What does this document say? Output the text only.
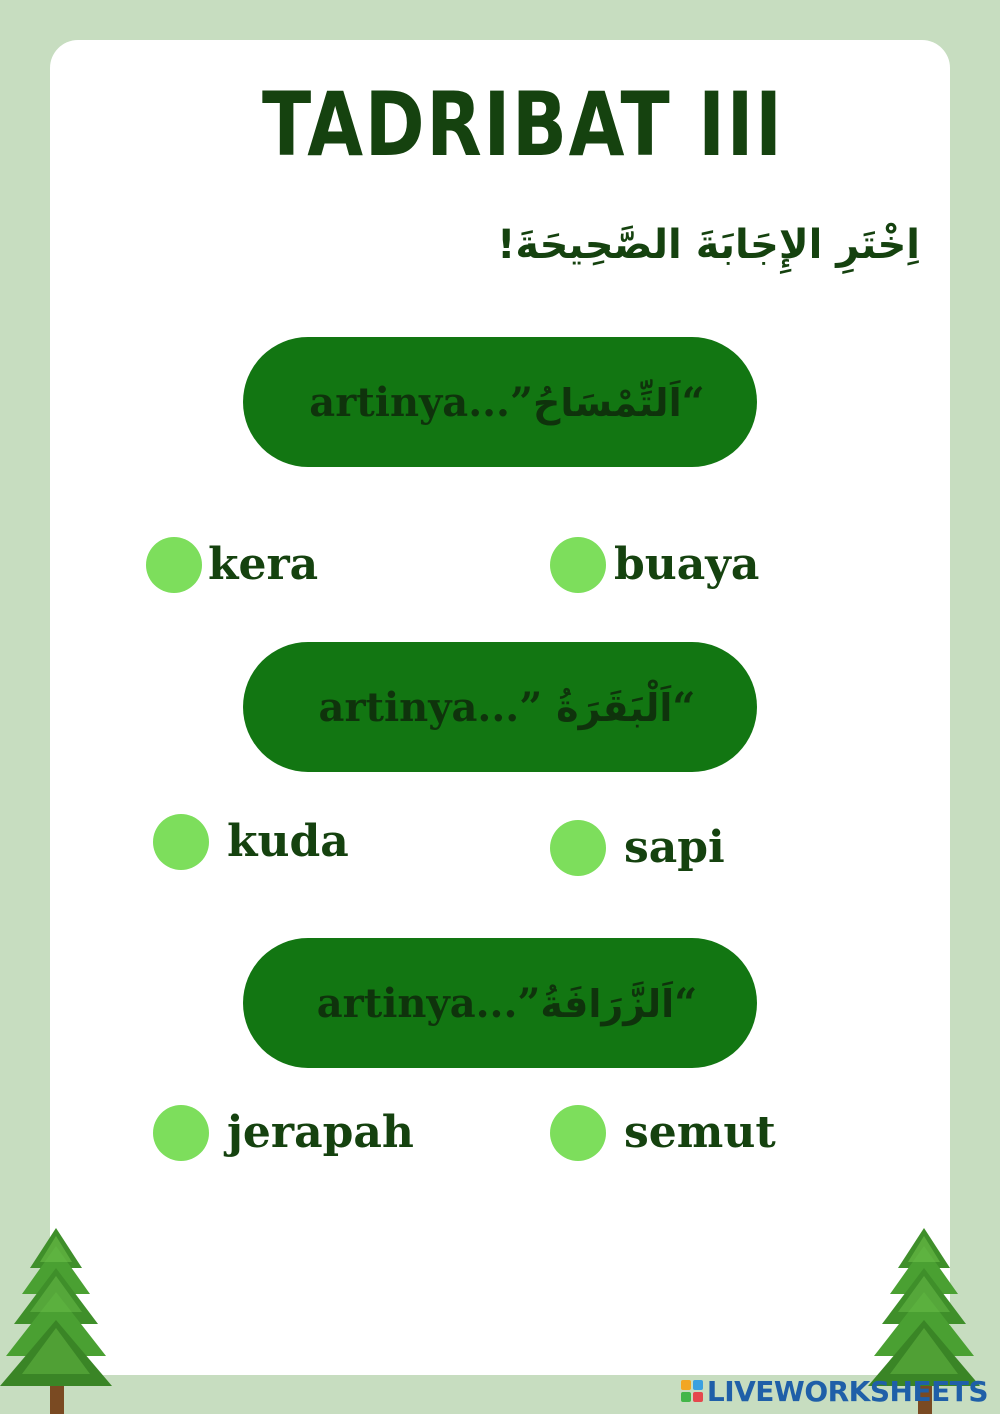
TADRIBAT III
اِخْتَرِ الإِجَابَةَ الصَّحِيحَةَ!
“اَلتِّمْسَاحُ” artinya...
kera	buaya
“اَلْبَقَرَةُ ” artinya...
kuda	sapi
“اَلزَّرَافَةُ” artinya...
jerapah	semut
LIVEWORKSHEETS
